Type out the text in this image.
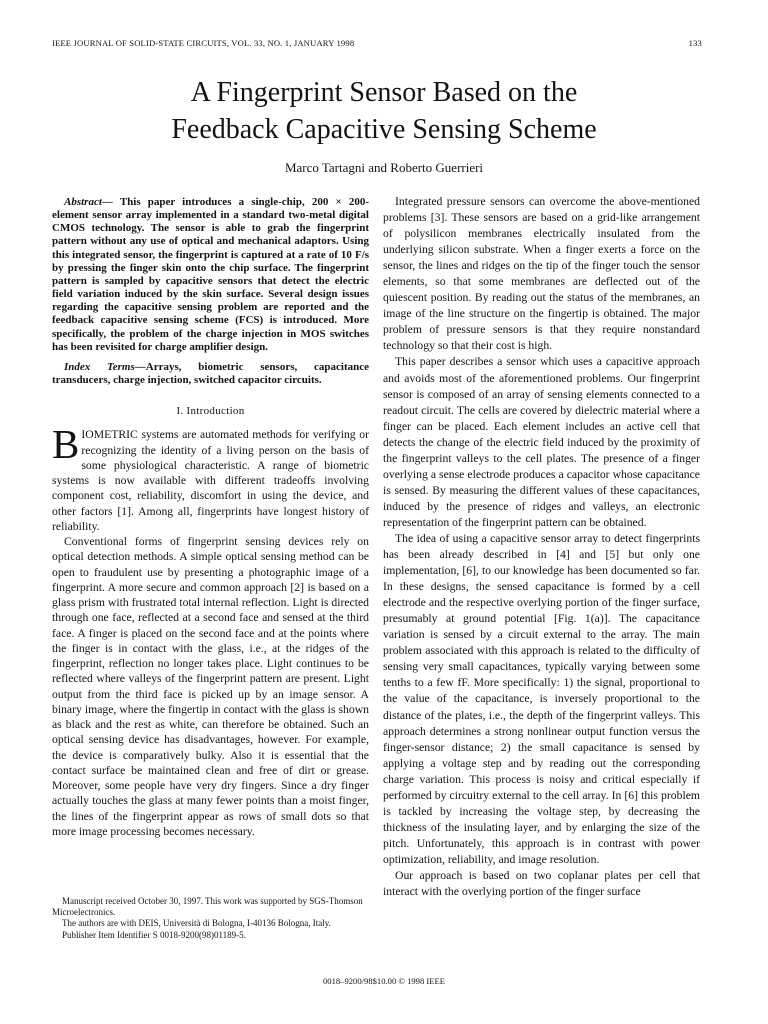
IEEE JOURNAL OF SOLID-STATE CIRCUITS, VOL. 33, NO. 1, JANUARY 1998	133
A Fingerprint Sensor Based on the
Feedback Capacitive Sensing Scheme
Marco Tartagni and Roberto Guerrieri

Abstract— This paper introduces a single-chip, 200 × 200-element sensor array implemented in a standard two-metal digital CMOS technology. The sensor is able to grab the fingerprint pattern without any use of optical and mechanical adaptors. Using this integrated sensor, the fingerprint is captured at a rate of 10 F/s by pressing the finger skin onto the chip surface. The fingerprint pattern is sampled by capacitive sensors that detect the electric field variation induced by the skin surface. Several design issues regarding the capacitive sensing problem are reported and the feedback capacitive sensing scheme (FCS) is introduced. More specifically, the problem of the charge injection in MOS switches has been revisited for charge amplifier design.

Index Terms—Arrays, biometric sensors, capacitance transducers, charge injection, switched capacitor circuits.

I. Introduction

BIOMETRIC systems are automated methods for verifying or recognizing the identity of a living person on the basis of some physiological characteristic. A range of biometric systems is now available with different tradeoffs involving component cost, reliability, discomfort in using the device, and other factors [1]. Among all, fingerprints have longest history of reliability.

Conventional forms of fingerprint sensing devices rely on optical detection methods. A simple optical sensing method can be open to fraudulent use by presenting a photographic image of a fingerprint. A more secure and common approach [2] is based on a glass prism with frustrated total internal reflection. Light is directed through one face, reflected at a second face and sensed at the third face. A finger is placed on the second face and at the points where the finger is in contact with the glass, i.e., at the ridges of the fingerprint, reflection no longer takes place. Light continues to be reflected where valleys of the fingerprint pattern are present. Light output from the third face is picked up by an image sensor. A binary image, where the fingertip in contact with the glass is shown as black and the rest as white, can therefore be obtained. Such an optical sensing device has disadvantages, however. For example, the device is comparatively bulky. Also it is essential that the contact surface be maintained clean and free of dirt or grease. Moreover, some people have very dry fingers. Since a dry finger actually touches the glass at many fewer points than a moist finger, the lines of the fingerprint appear as rows of small dots so that more image processing becomes necessary.

Manuscript received October 30, 1997. This work was supported by SGS-Thomson Microelectronics.

The authors are with DEIS, Università di Bologna, I-40136 Bologna, Italy.

Publisher Item Identifier S 0018-9200(98)01189-5.

Integrated pressure sensors can overcome the above-mentioned problems [3]. These sensors are based on a grid-like arrangement of polysilicon membranes electrically insulated from the underlying silicon substrate. When a finger exerts a force on the sensor, the lines and ridges on the tip of the finger touch the sensor elements, so that some membranes are deflected out of the quiescent position. By reading out the status of the membranes, an image of the line structure on the fingertip is obtained. The major problem of pressure sensors is that they require nonstandard technology so that their cost is high.

This paper describes a sensor which uses a capacitive approach and avoids most of the aforementioned problems. Our fingerprint sensor is composed of an array of sensing elements connected to a readout circuit. The cells are covered by dielectric material where a finger can be placed. Each element includes an active cell that detects the change of the electric field induced by the proximity of the fingerprint valleys to the cell plates. The presence of a finger overlying a sense electrode produces a capacitor whose capacitance is sensed. By measuring the different values of these capacitances, induced by the presence of ridges and valleys, an electronic representation of the fingerprint pattern can be obtained.

The idea of using a capacitive sensor array to detect fingerprints has been already described in [4] and [5] but only one implementation, [6], to our knowledge has been documented so far. In these designs, the sensed capacitance is formed by a cell electrode and the respective overlying portion of the finger surface, presumably at ground potential [Fig. 1(a)]. The capacitance variation is sensed by a circuit external to the array. The main problem associated with this approach is related to the difficulty of sensing very small capacitances, typically varying between some tenths to a few fF. More specifically: 1) the signal, proportional to the value of the capacitance, is inversely proportional to the distance of the plates, i.e., the depth of the fingerprint valleys. This approach determines a strong nonlinear output function versus the finger-sensor distance; 2) the small capacitance is sensed by applying a voltage step and by reading out the corresponding charge variation. This process is noisy and critical especially if performed by circuitry external to the cell array. In [6] this problem is tackled by increasing the voltage step, by decreasing the thickness of the insulating layer, and by enlarging the size of the pitch. Unfortunately, this approach is in contrast with power optimization, reliability, and image resolution.

Our approach is based on two coplanar plates per cell that interact with the overlying portion of the finger surface

0018–9200/98$10.00 © 1998 IEEE
